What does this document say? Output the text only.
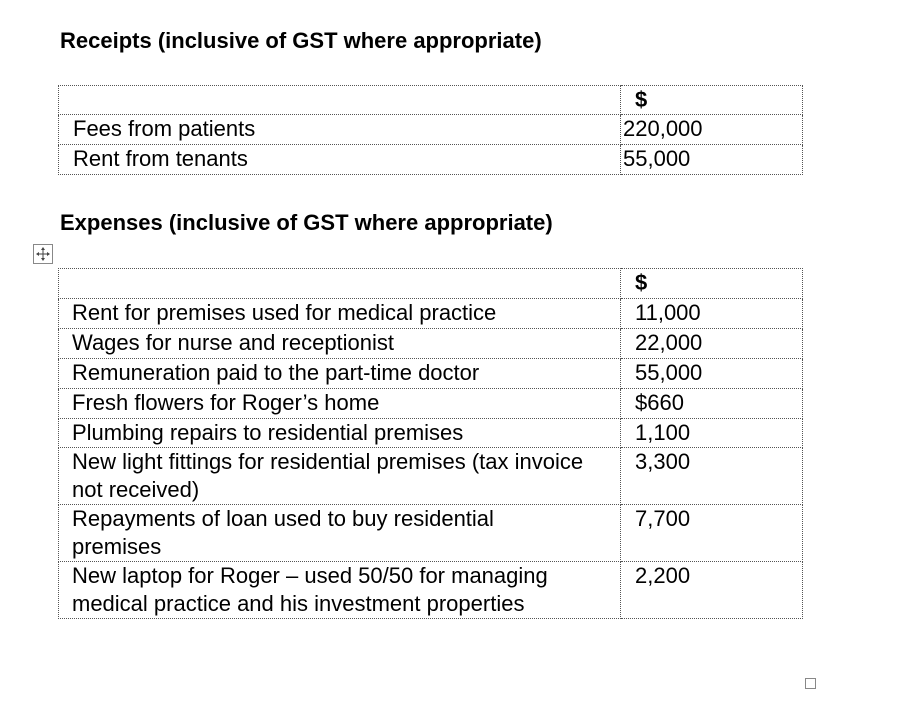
Receipts (inclusive of GST where appropriate)
	$
Fees from patients	220,000
Rent from tenants	55,000
Expenses (inclusive of GST where appropriate)
	$
Rent for premises used for medical practice	11,000
Wages for nurse and receptionist	22,000
Remuneration paid to the part-time doctor	55,000
Fresh flowers for Roger’s home	$660
Plumbing repairs to residential premises	1,100
New light fittings for residential premises (tax invoice not received)	3,300
Repayments of loan used to buy residential premises	7,700
New laptop for Roger – used 50/50 for managing medical practice and his investment properties	2,200
